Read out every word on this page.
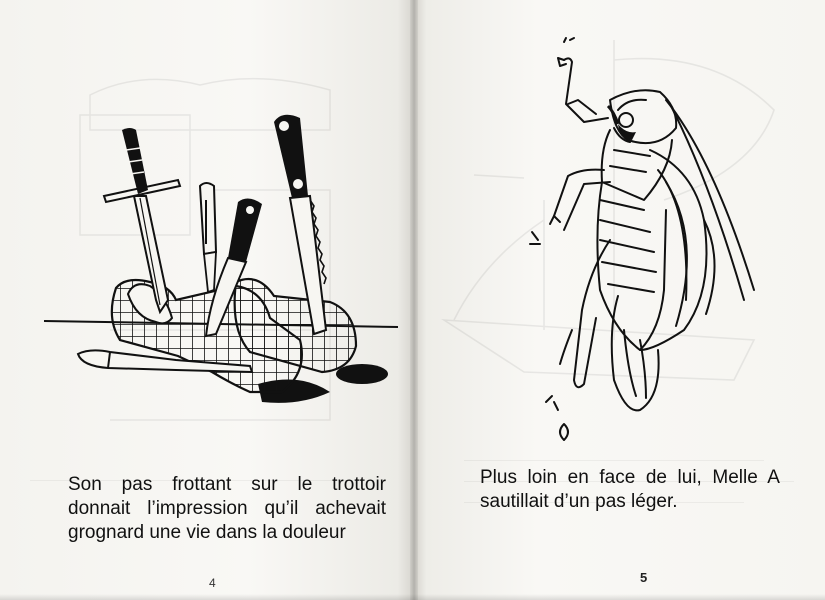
Son pas frottant sur le trottoir
donnait l’impression qu’il achevait
grognard une vie dans la douleur
4
Plus loin en face de lui, Melle A
sautillait d’un pas léger.
5
